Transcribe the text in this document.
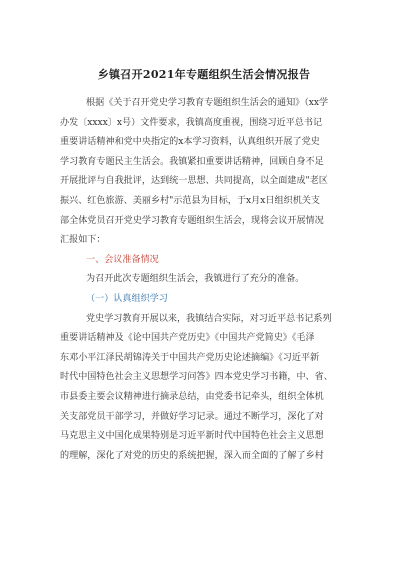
乡镇召开2021年专题组织生活会情况报告
根据《关于召开党史学习教育专题组织生活会的通知》（xx学
办发〔xxxx〕x号）文件要求，我镇高度重视，围绕习近平总书记
重要讲话精神和党中央指定的x本学习资料，认真组织开展了党史
学习教育专题民主生活会。我镇紧扣重要讲话精神，回顾自身不足
开展批评与自我批评，达到统一思想、共同提高，以全面建成"老区
振兴、红色旅游、美丽乡村"示范县为目标，于x月x日组织机关支
部全体党员召开党史学习教育专题组织生活会，现将会议开展情况
汇报如下：
一、会议准备情况
为召开此次专题组织生活会，我镇进行了充分的准备。
（一）认真组织学习
党史学习教育开展以来，我镇结合实际，对习近平总书记系列
重要讲话精神及《论中国共产党历史》《中国共产党简史》《毛泽
东邓小平江泽民胡锦涛关于中国共产党历史论述摘编》《习近平新
时代中国特色社会主义思想学习问答》四本党史学习书籍，中、省、
市县委主要会议精神进行摘录总结，由党委书记牵头，组织全体机
关支部党员干部学习，并做好学习记录。通过不断学习，深化了对
马克思主义中国化成果特别是习近平新时代中国特色社会主义思想
的理解，深化了对党的历史的系统把握，深入而全面的了解了乡村
